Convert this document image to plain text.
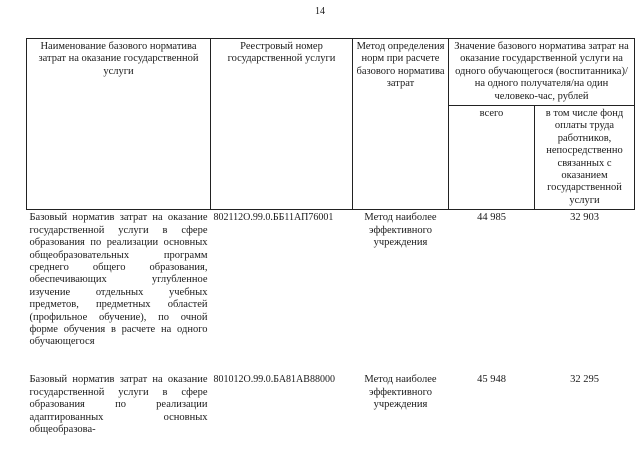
14
Наименование базового норматива затрат на оказание государственной услуги	Реестровый номер государственной услуги	Метод определения норм при расчете базового норматива затрат	Значение базового норматива затрат на оказание государственной услуги на одного обучающегося (воспитанника)/на одного получателя/на один человеко-час, рублей	
			всего	в том числе фонд оплаты труда работников, непосредственно связанных с оказанием государственной услуги
Базовый норматив затрат на оказание государственной услуги в сфере образования по реализации основных общеобразовательных программ среднего общего образования, обеспечивающих углубленное изучение отдельных учебных предметов, предметных областей (профильное обучение), по очной форме обучения в расчете на одного обучающегося	802112О.99.0.ББ11АП76001	Метод наиболее эффективного учреждения	44 985	32 903

Базовый норматив затрат на оказание государственной услуги в сфере образования по реализации адаптированных основных общеобразова-	801012О.99.0.БА81АВ88000	Метод наиболее эффективного учреждения	45 948	32 295
